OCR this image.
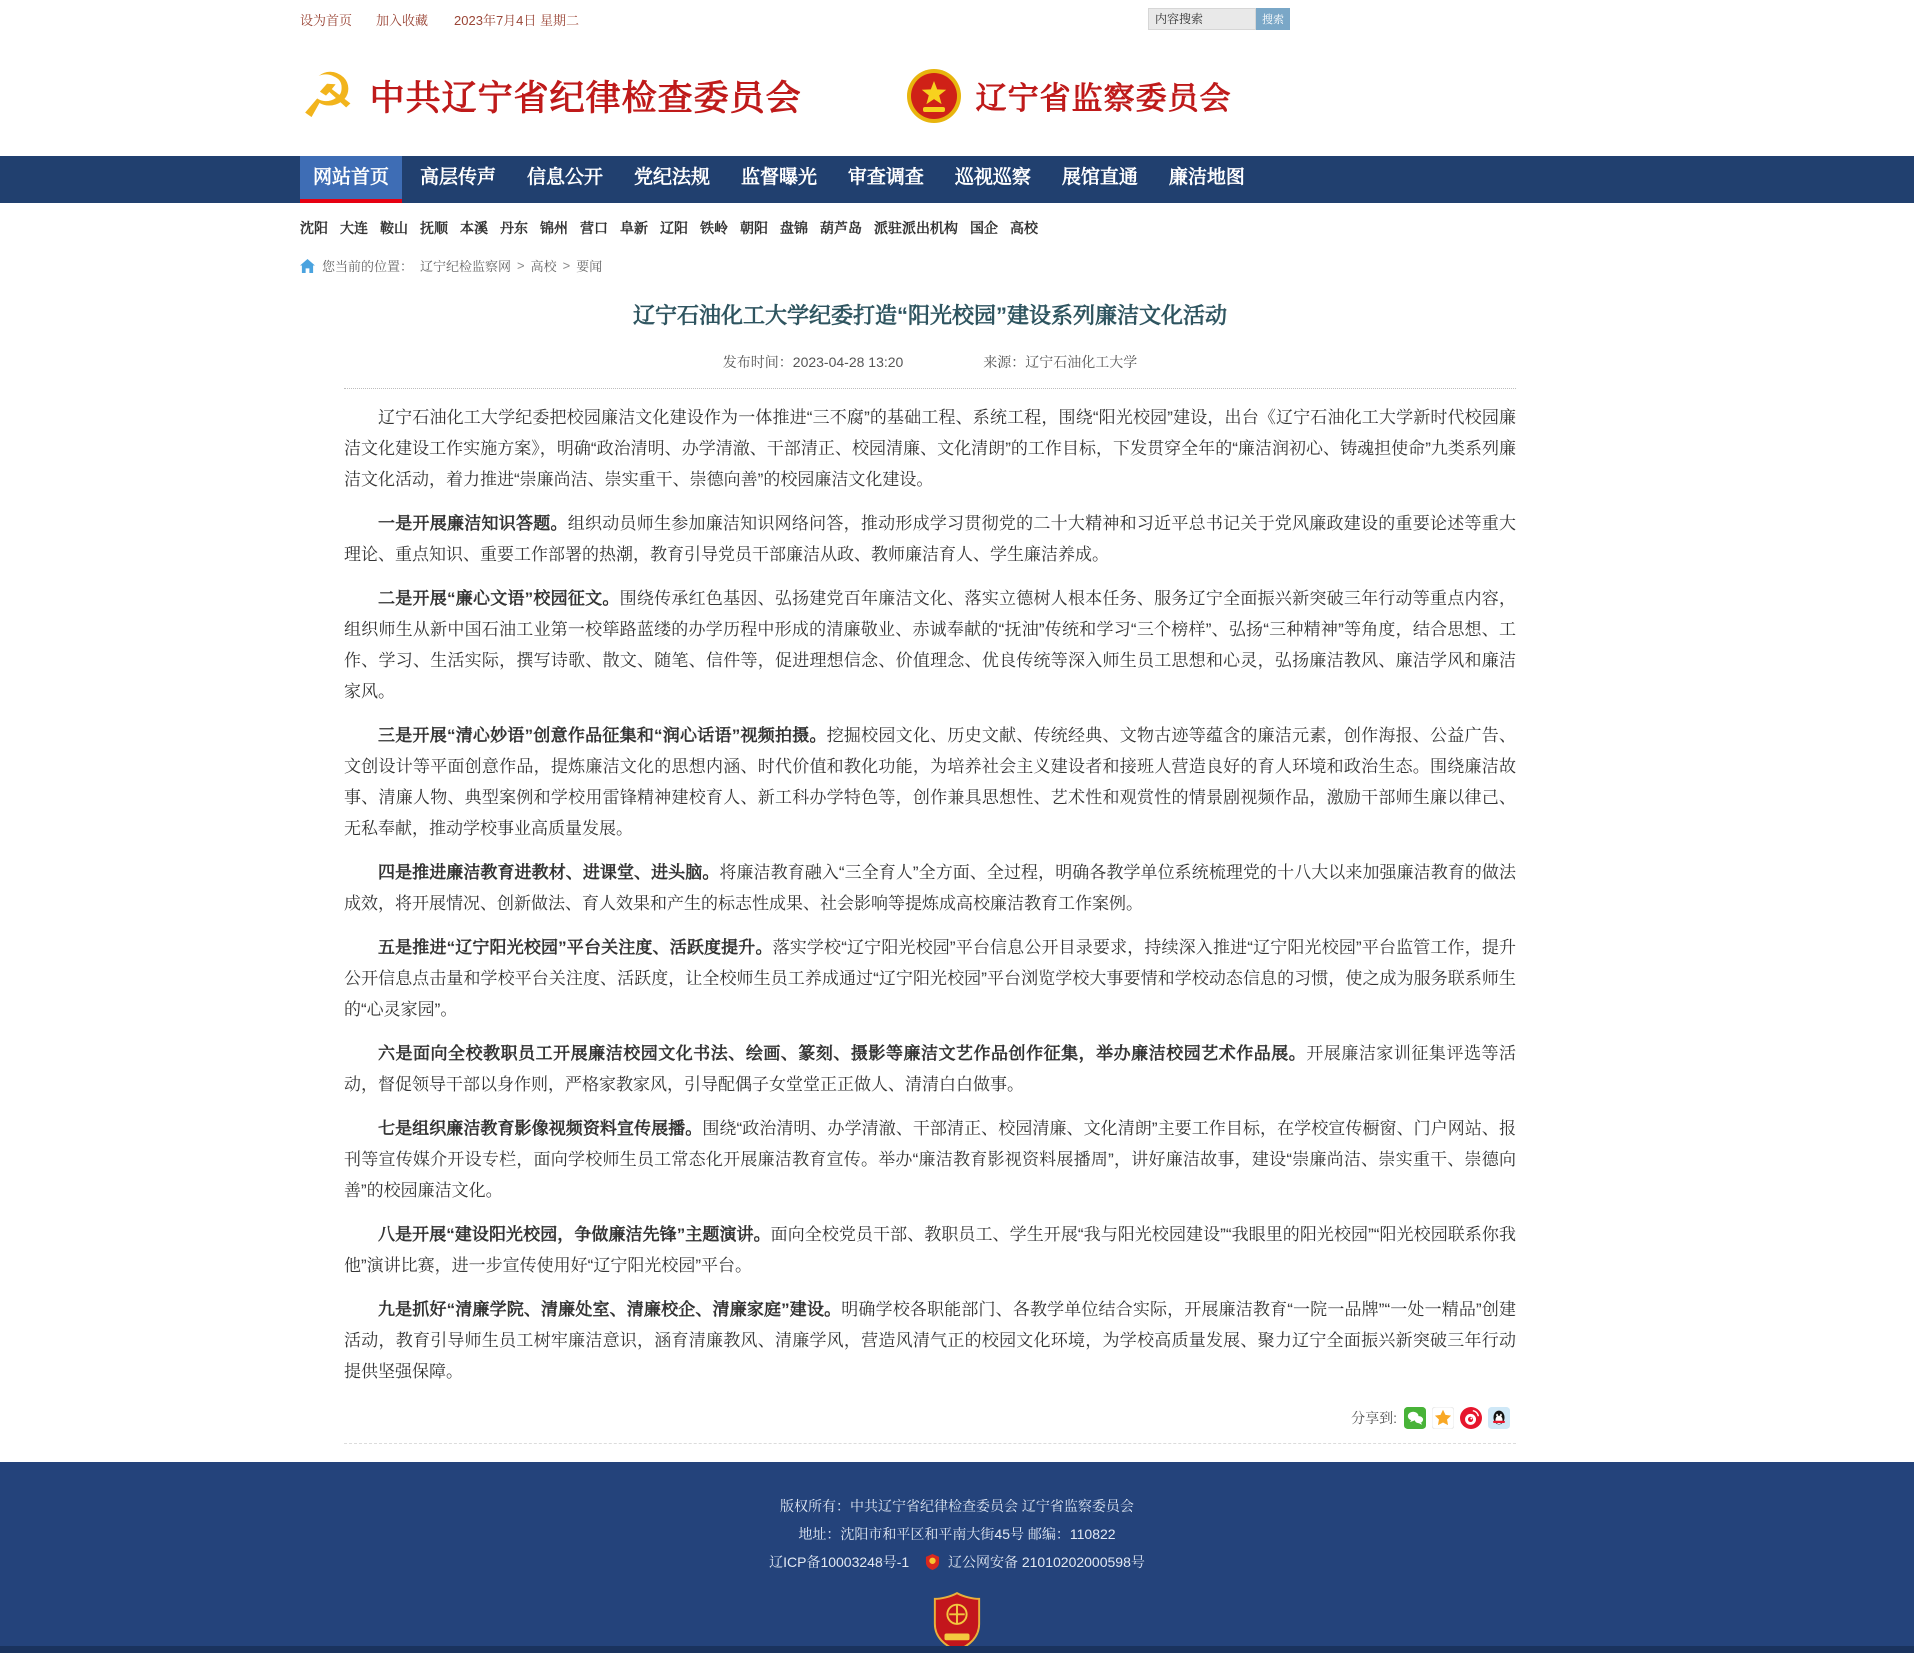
设为首页 加入收藏 2023年7月4日 星期二
内容搜索	搜索
☭ 中共辽宁省纪律检查委员会	辽宁省监察委员会
网站首页	高层传声	信息公开	党纪法规	监督曝光	审查调查	巡视巡察	展馆直通	廉洁地图
沈阳 大连 鞍山 抚顺 本溪 丹东 锦州 营口 阜新 辽阳 铁岭 朝阳 盘锦 葫芦岛 派驻派出机构 国企 高校
您当前的位置： 辽宁纪检监察网 > 高校 > 要闻
辽宁石油化工大学纪委打造“阳光校园”建设系列廉洁文化活动
发布时间：2023-04-28 13:20	来源：辽宁石油化工大学

辽宁石油化工大学纪委把校园廉洁文化建设作为一体推进“三不腐”的基础工程、系统工程，围绕“阳光校园”建设，出台《辽宁石油化工大学新时代校园廉洁文化建设工作实施方案》，明确“政治清明、办学清澈、干部清正、校园清廉、文化清朗”的工作目标，下发贯穿全年的“廉洁润初心、铸魂担使命”九类系列廉洁文化活动，着力推进“崇廉尚洁、崇实重干、崇德向善”的校园廉洁文化建设。

一是开展廉洁知识答题。组织动员师生参加廉洁知识网络问答，推动形成学习贯彻党的二十大精神和习近平总书记关于党风廉政建设的重要论述等重大理论、重点知识、重要工作部署的热潮，教育引导党员干部廉洁从政、教师廉洁育人、学生廉洁养成。

二是开展“廉心文语”校园征文。围绕传承红色基因、弘扬建党百年廉洁文化、落实立德树人根本任务、服务辽宁全面振兴新突破三年行动等重点内容，组织师生从新中国石油工业第一校筚路蓝缕的办学历程中形成的清廉敬业、赤诚奉献的“抚油”传统和学习“三个榜样”、弘扬“三种精神”等角度，结合思想、工作、学习、生活实际，撰写诗歌、散文、随笔、信件等，促进理想信念、价值理念、优良传统等深入师生员工思想和心灵，弘扬廉洁教风、廉洁学风和廉洁家风。

三是开展“清心妙语”创意作品征集和“润心话语”视频拍摄。挖掘校园文化、历史文献、传统经典、文物古迹等蕴含的廉洁元素，创作海报、公益广告、文创设计等平面创意作品，提炼廉洁文化的思想内涵、时代价值和教化功能，为培养社会主义建设者和接班人营造良好的育人环境和政治生态。围绕廉洁故事、清廉人物、典型案例和学校用雷锋精神建校育人、新工科办学特色等，创作兼具思想性、艺术性和观赏性的情景剧视频作品，激励干部师生廉以律己、无私奉献，推动学校事业高质量发展。

四是推进廉洁教育进教材、进课堂、进头脑。将廉洁教育融入“三全育人”全方面、全过程，明确各教学单位系统梳理党的十八大以来加强廉洁教育的做法成效，将开展情况、创新做法、育人效果和产生的标志性成果、社会影响等提炼成高校廉洁教育工作案例。

五是推进“辽宁阳光校园”平台关注度、活跃度提升。落实学校“辽宁阳光校园”平台信息公开目录要求，持续深入推进“辽宁阳光校园”平台监管工作，提升公开信息点击量和学校平台关注度、活跃度，让全校师生员工养成通过“辽宁阳光校园”平台浏览学校大事要情和学校动态信息的习惯，使之成为服务联系师生的“心灵家园”。

六是面向全校教职员工开展廉洁校园文化书法、绘画、篆刻、摄影等廉洁文艺作品创作征集，举办廉洁校园艺术作品展。开展廉洁家训征集评选等活动，督促领导干部以身作则，严格家教家风，引导配偶子女堂堂正正做人、清清白白做事。

七是组织廉洁教育影像视频资料宣传展播。围绕“政治清明、办学清澈、干部清正、校园清廉、文化清朗”主要工作目标，在学校宣传橱窗、门户网站、报刊等宣传媒介开设专栏，面向学校师生员工常态化开展廉洁教育宣传。举办“廉洁教育影视资料展播周”，讲好廉洁故事，建设“崇廉尚洁、崇实重干、崇德向善”的校园廉洁文化。

八是开展“建设阳光校园，争做廉洁先锋”主题演讲。面向全校党员干部、教职员工、学生开展“我与阳光校园建设”“我眼里的阳光校园”“阳光校园联系你我他”演讲比赛，进一步宣传使用好“辽宁阳光校园”平台。

九是抓好“清廉学院、清廉处室、清廉校企、清廉家庭”建设。明确学校各职能部门、各教学单位结合实际，开展廉洁教育“一院一品牌”“一处一精品”创建活动，教育引导师生员工树牢廉洁意识，涵育清廉教风、清廉学风，营造风清气正的校园文化环境，为学校高质量发展、聚力辽宁全面振兴新突破三年行动提供坚强保障。

分享到:
版权所有：中共辽宁省纪律检查委员会 辽宁省监察委员会
地址：沈阳市和平区和平南大街45号 邮编：110822
辽ICP备10003248号-1	辽公网安备 21010202000598号
